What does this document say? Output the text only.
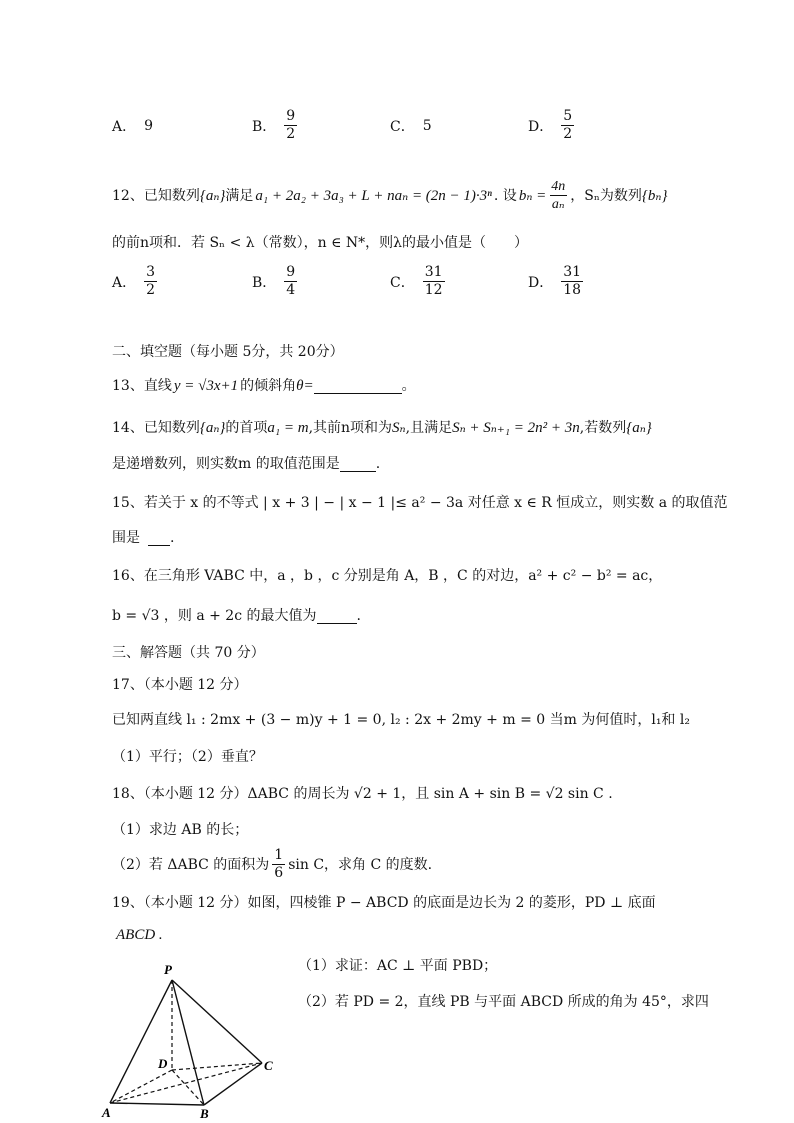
A． 9	B． $\frac{9}{2}$	C． 5	D． $\frac{5}{2}$
12、 已知数列 {aₙ} 满足 a₁ + 2a₂ + 3a₃ + L + naₙ = (2n − 1)·3ⁿ . 设 $b_n = \frac{4n}{\text{aₙ}}$ ， Sₙ为数列 {bₙ}
的前n项和．若 Sₙ < λ（常数），n ∈ N*，则λ的最小值是（　　）
A． $\frac{3}{2}$	B． $\frac{9}{4}$	C． $\frac{31}{12}$	D． $\frac{31}{18}$
二、填空题（每小题 5分，共 20分）
13、直线 y = √3x+1 的倾斜角 θ=	。
14、已知数列 {aₙ} 的首项 a₁ = m ,其前n项和为 Sₙ ,且满足 Sₙ + Sₙ₊₁ = 2n² + 3n ,若数列 {aₙ}
是递增数列，则实数m 的取值范围是	.
15、若关于 x 的不等式 | x + 3 | − | x − 1 |≤ a² − 3a 对任意 x ∈ R 恒成立，则实数 a 的取值范
围是 .
16、在三角形 VABC 中，a ，b ，c 分别是角 A，B ，C 的对边，a² + c² − b² = ac，
b = √3 ，则 a + 2c 的最大值为	.
三、解答题（共 70 分）
17、（本小题 12 分）
已知两直线 l₁ : 2mx + (3 − m)y + 1 = 0, l₂ : 2x + 2my + m = 0 当m 为何值时，l₁和 l₂
（1）平行；（2）垂直？
18、（本小题 12 分）ΔABC 的周长为 √2 + 1，且 sin A + sin B = √2 sin C .
（1）求边 AB 的长；
（2）若 ΔABC 的面积为 $\frac{1}{6}$ sin C，求角 C 的度数.
19、（本小题 12 分）如图，四棱锥 P − ABCD 的底面是边长为 2 的菱形，PD ⊥ 底面
ABCD .
（1）求证：AC ⊥ 平面 PBD；
（2）若 PD = 2，直线 PB 与平面 ABCD 所成的角为 45°，求四
P
D	C
A	B
